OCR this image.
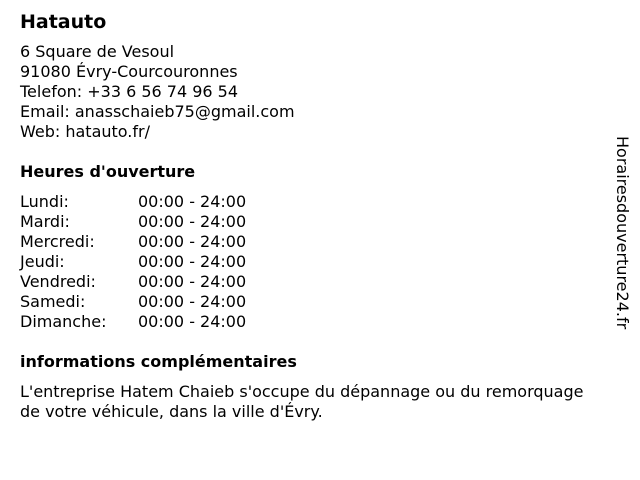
Hatauto
6 Square de Vesoul
91080 Évry-Courcouronnes
Telefon: +33 6 56 74 96 54
Email: anasschaieb75@gmail.com
Web: hatauto.fr/
Heures d'ouverture
Lundi:	00:00 - 24:00
Mardi:	00:00 - 24:00
Mercredi:	00:00 - 24:00
Jeudi:	00:00 - 24:00
Vendredi:	00:00 - 24:00
Samedi:	00:00 - 24:00
Dimanche:	00:00 - 24:00
informations complémentaires
L'entreprise Hatem Chaieb s'occupe du dépannage ou du remorquage de votre véhicule, dans la ville d'Évry.
Horairesdouverture24.fr
